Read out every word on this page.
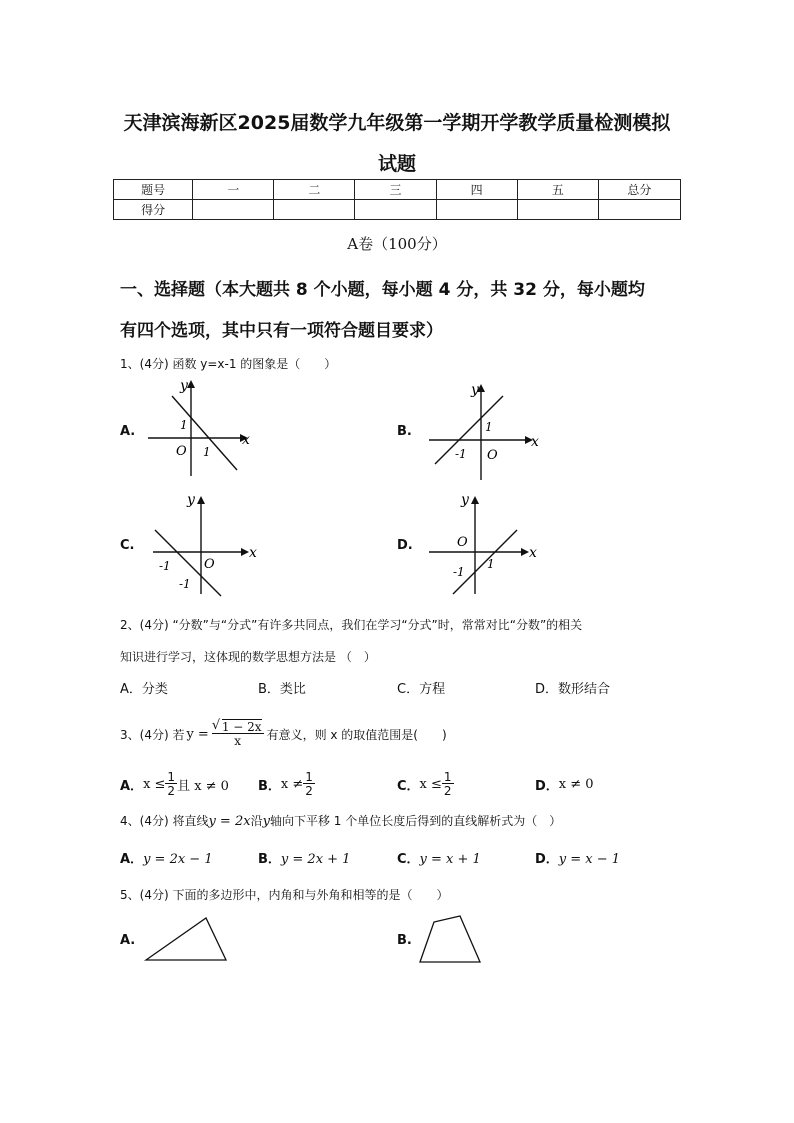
天津滨海新区2025届数学九年级第一学期开学教学质量检测模拟
试题
题号	一	二	三	四	五	总分
得分						
A卷（100分）
一、选择题（本大题共 8 个小题，每小题 4 分，共 32 分，每小题均
有四个选项，其中只有一项符合题目要求）
1、(4分) 函数 y=x-1 的图象是（　　）
A.	B.
C.	D.
y
x
O
1
1
y
x
O
1
-1
y
x
O
-1
-1
y
x
O
-1
1
2、(4分) “分数”与“分式”有许多共同点，我们在学习“分式”时，常常对比“分数”的相关
知识进行学习，这体现的数学思想方法是 （　）
A．分类	B．类比	C．方程	D．数形结合
3、(4分) 若 $y = \frac{√ 1 - 2x}{x}$ 有意义，则 x 的取值范围是(　　)
A． $x \le \frac{1}{2}$ 且 x ≠ 0 B． $x \ne \frac{1}{2}$	C． $x \le \frac{1}{2}$	D． x ≠ 0
4、(4分) 将直线y = 2x沿y轴向下平移 1 个单位长度后得到的直线解析式为（　）
A．y = 2x − 1	B．y = 2x + 1	C．y = x + 1	D．y = x − 1
5、(4分) 下面的多边形中，内角和与外角和相等的是（　　）
A.	B.
